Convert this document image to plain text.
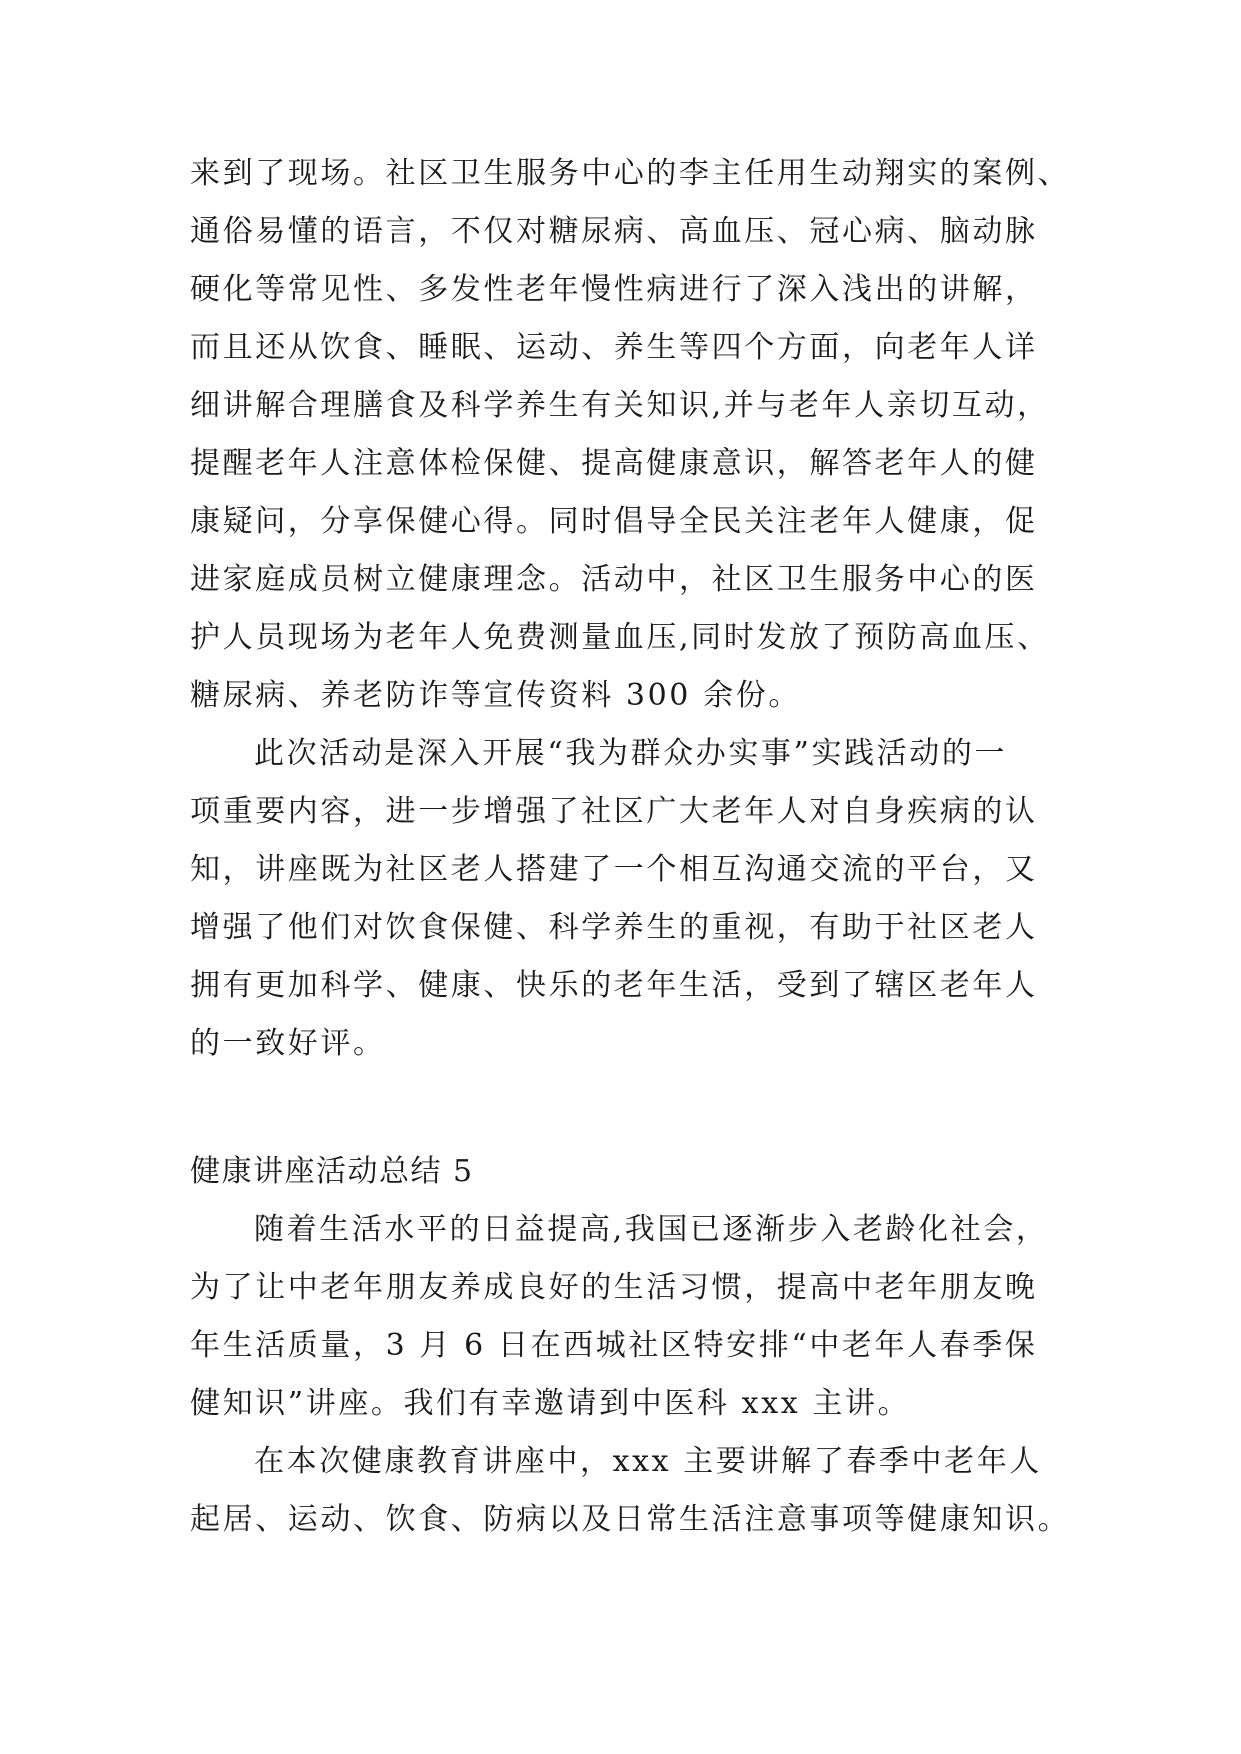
来到了现场。社区卫生服务中心的李主任用生动翔实的案例、
通俗易懂的语言，不仅对糖尿病、高血压、冠心病、脑动脉
硬化等常见性、多发性老年慢性病进行了深入浅出的讲解，
而且还从饮食、睡眠、运动、养生等四个方面，向老年人详
细讲解合理膳食及科学养生有关知识,并与老年人亲切互动，
提醒老年人注意体检保健、提高健康意识，解答老年人的健
康疑问，分享保健心得。同时倡导全民关注老年人健康，促
进家庭成员树立健康理念。活动中，社区卫生服务中心的医
护人员现场为老年人免费测量血压,同时发放了预防高血压、
糖尿病、养老防诈等宣传资料 300 余份。
此次活动是深入开展“我为群众办实事”实践活动的一
项重要内容，进一步增强了社区广大老年人对自身疾病的认
知，讲座既为社区老人搭建了一个相互沟通交流的平台，又
增强了他们对饮食保健、科学养生的重视，有助于社区老人
拥有更加科学、健康、快乐的老年生活，受到了辖区老年人
的一致好评。
健康讲座活动总结 5
随着生活水平的日益提高,我国已逐渐步入老龄化社会，
为了让中老年朋友养成良好的生活习惯，提高中老年朋友晚
年生活质量，3 月 6 日在西城社区特安排“中老年人春季保
健知识”讲座。我们有幸邀请到中医科 xxx 主讲。
在本次健康教育讲座中，xxx 主要讲解了春季中老年人
起居、运动、饮食、防病以及日常生活注意事项等健康知识。
